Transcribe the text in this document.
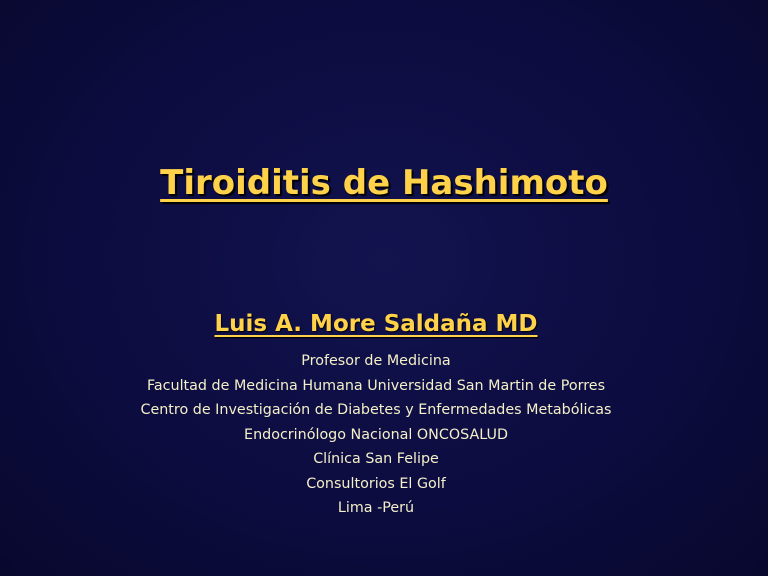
Tiroiditis de Hashimoto
Luis A. More Saldaña MD
Profesor de Medicina
Facultad de Medicina Humana Universidad San Martin de Porres
Centro de Investigación de Diabetes y Enfermedades Metabólicas
Endocrinólogo Nacional ONCOSALUD
Clínica San Felipe
Consultorios El Golf
Lima -Perú
